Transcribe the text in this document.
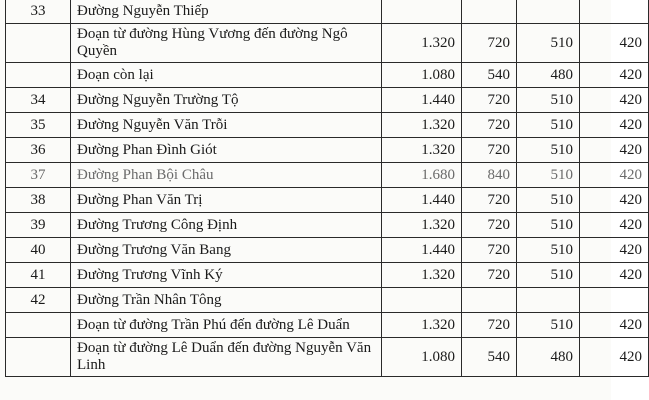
33	Đường Nguyễn Thiếp				
	Đoạn từ đường Hùng Vương đến đường Ngô Quyền	1.320	720	510	420
	Đoạn còn lại	1.080	540	480	420
34	Đường Nguyễn Trường Tộ	1.440	720	510	420
35	Đường Nguyễn Văn Trỗi	1.320	720	510	420
36	Đường Phan Đình Giót	1.320	720	510	420
37	Đường Phan Bội Châu	1.680	840	510	420
38	Đường Phan Văn Trị	1.440	720	510	420
39	Đường Trương Công Định	1.320	720	510	420
40	Đường Trương Văn Bang	1.440	720	510	420
41	Đường Trương Vĩnh Ký	1.320	720	510	420
42	Đường Trần Nhân Tông				
	Đoạn từ đường Trần Phú đến đường Lê Duẩn	1.320	720	510	420
	Đoạn từ đường Lê Duẩn đến đường Nguyễn Văn Linh	1.080	540	480	420
